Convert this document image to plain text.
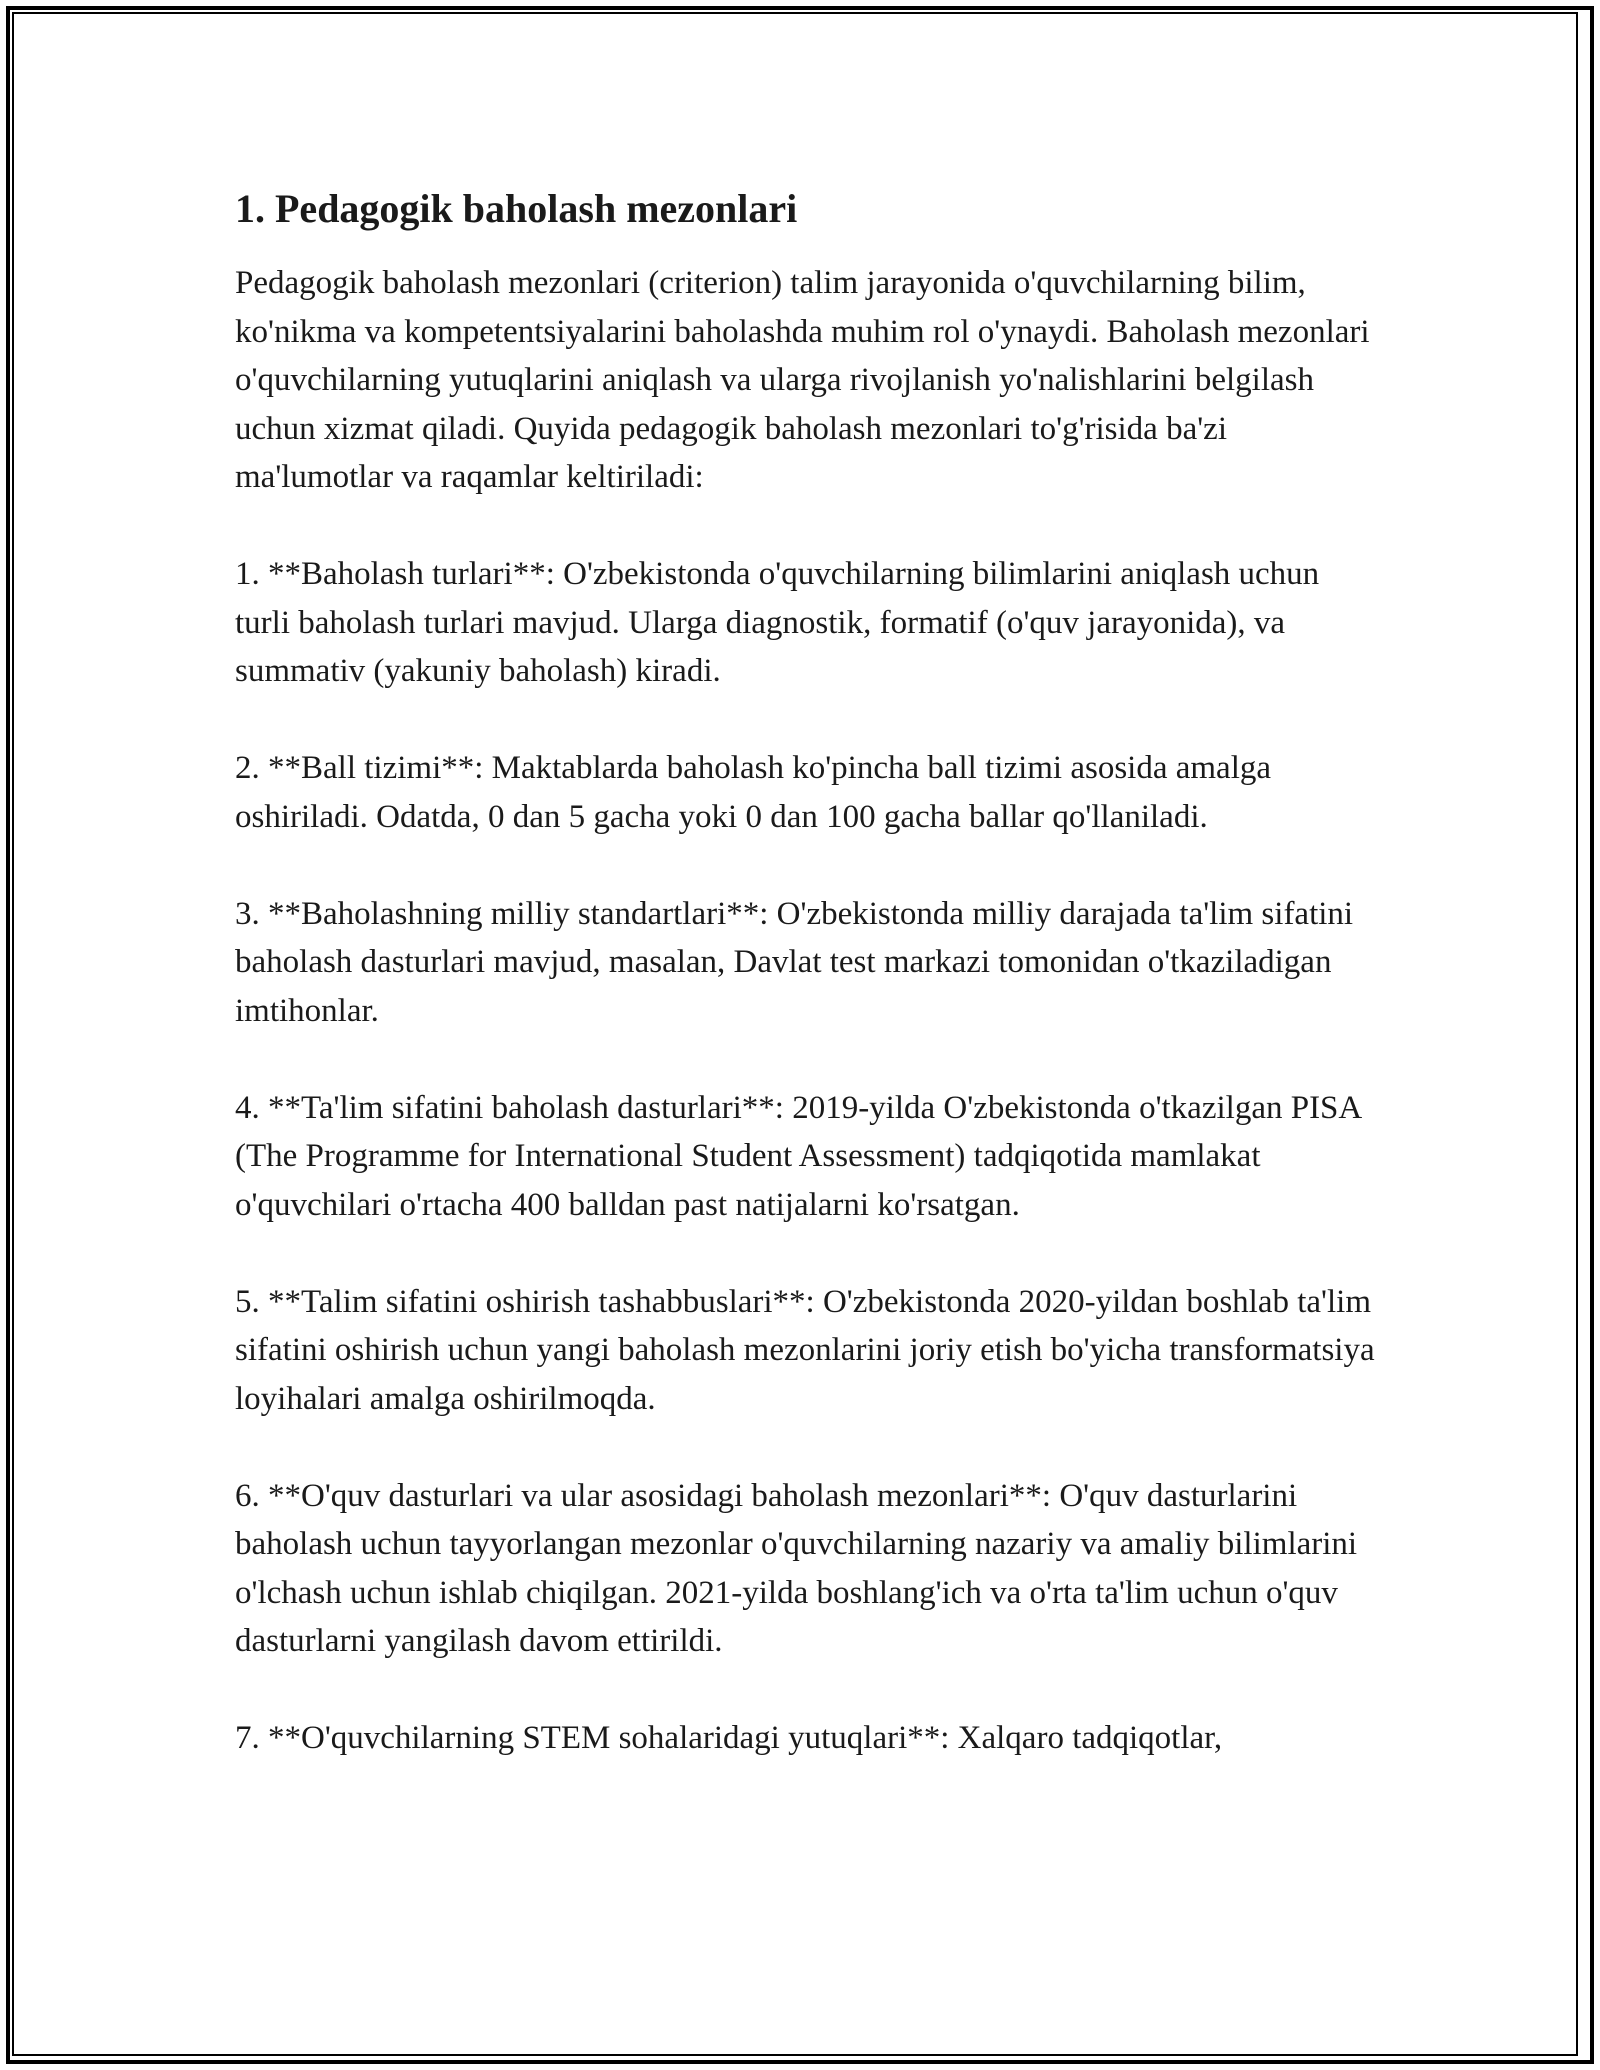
1. Pedagogik baholash mezonlari

Pedagogik baholash mezonlari (criterion) talim jarayonida o'quvchilarning bilim, ko'nikma va kompetentsiyalarini baholashda muhim rol o'ynaydi. Baholash mezonlari o'quvchilarning yutuqlarini aniqlash va ularga rivojlanish yo'nalishlarini belgilash uchun xizmat qiladi. Quyida pedagogik baholash mezonlari to'g'risida ba'zi ma'lumotlar va raqamlar keltiriladi:

1. **Baholash turlari**: O'zbekistonda o'quvchilarning bilimlarini aniqlash uchun turli baholash turlari mavjud. Ularga diagnostik, formatif (o'quv jarayonida), va summativ (yakuniy baholash) kiradi.

2. **Ball tizimi**: Maktablarda baholash ko'pincha ball tizimi asosida amalga oshiriladi. Odatda, 0 dan 5 gacha yoki 0 dan 100 gacha ballar qo'llaniladi.

3. **Baholashning milliy standartlari**: O'zbekistonda milliy darajada ta'lim sifatini baholash dasturlari mavjud, masalan, Davlat test markazi tomonidan o'tkaziladigan imtihonlar.

4. **Ta'lim sifatini baholash dasturlari**: 2019-yilda O'zbekistonda o'tkazilgan PISA (The Programme for International Student Assessment) tadqiqotida mamlakat o'quvchilari o'rtacha 400 balldan past natijalarni ko'rsatgan.

5. **Talim sifatini oshirish tashabbuslari**: O'zbekistonda 2020-yildan boshlab ta'lim sifatini oshirish uchun yangi baholash mezonlarini joriy etish bo'yicha transformatsiya loyihalari amalga oshirilmoqda.

6. **O'quv dasturlari va ular asosidagi baholash mezonlari**: O'quv dasturlarini baholash uchun tayyorlangan mezonlar o'quvchilarning nazariy va amaliy bilimlarini o'lchash uchun ishlab chiqilgan. 2021-yilda boshlang'ich va o'rta ta'lim uchun o'quv dasturlarni yangilash davom ettirildi.

7. **O'quvchilarning STEM sohalaridagi yutuqlari**: Xalqaro tadqiqotlar,
